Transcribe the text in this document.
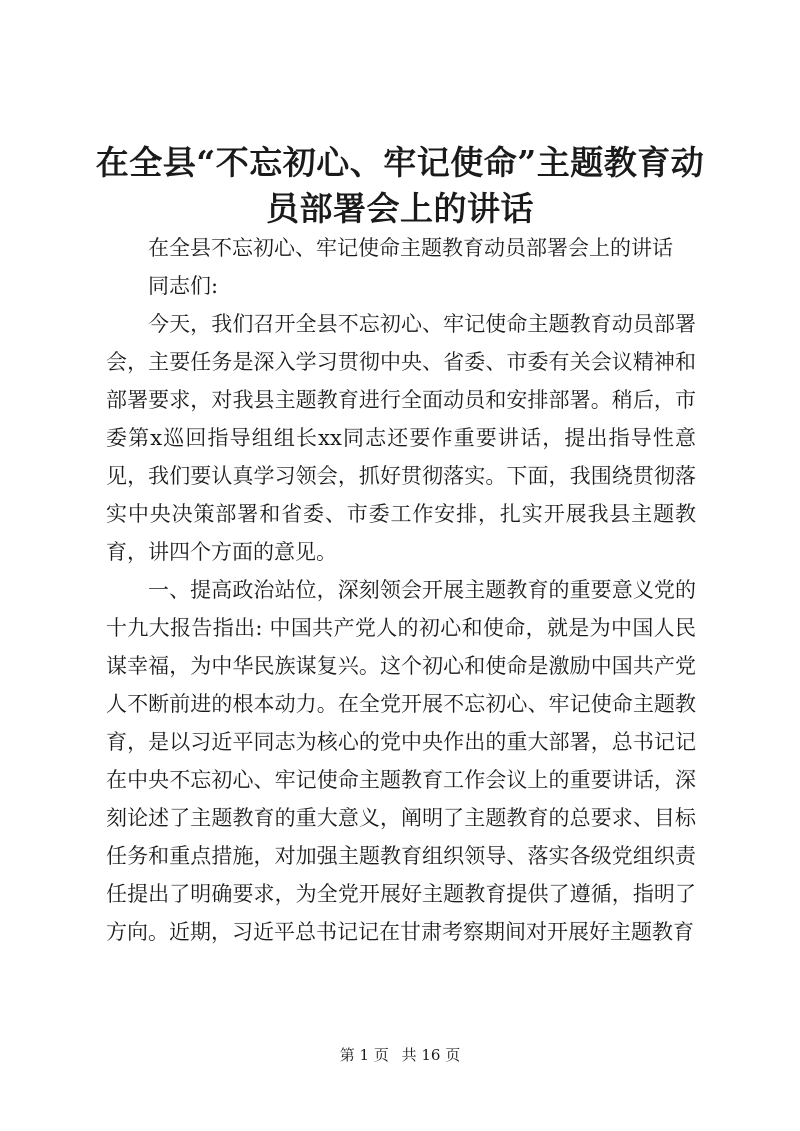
在全县“不忘初心、牢记使命”主题教育动员部署会上的讲话

在全县不忘初心、牢记使命主题教育动员部署会上的讲话

同志们:

今天，我们召开全县不忘初心、牢记使命主题教育动员部署会，主要任务是深入学习贯彻中央、省委、市委有关会议精神和部署要求，对我县主题教育进行全面动员和安排部署。稍后，市委第x巡回指导组组长xx同志还要作重要讲话，提出指导性意见，我们要认真学习领会，抓好贯彻落实。下面，我围绕贯彻落实中央决策部署和省委、市委工作安排，扎实开展我县主题教育，讲四个方面的意见。

一、提高政治站位，深刻领会开展主题教育的重要意义党的十九大报告指出: 中国共产党人的初心和使命，就是为中国人民谋幸福，为中华民族谋复兴。这个初心和使命是激励中国共产党人不断前进的根本动力。在全党开展不忘初心、牢记使命主题教育，是以习近平同志为核心的党中央作出的重大部署，总书记记在中央不忘初心、牢记使命主题教育工作会议上的重要讲话，深刻论述了主题教育的重大意义，阐明了主题教育的总要求、目标任务和重点措施，对加强主题教育组织领导、落实各级党组织责任提出了明确要求，为全党开展好主题教育提供了遵循，指明了方向。近期，习近平总书记记在甘肃考察期间对开展好主题教育

第 1 页 共 16 页
